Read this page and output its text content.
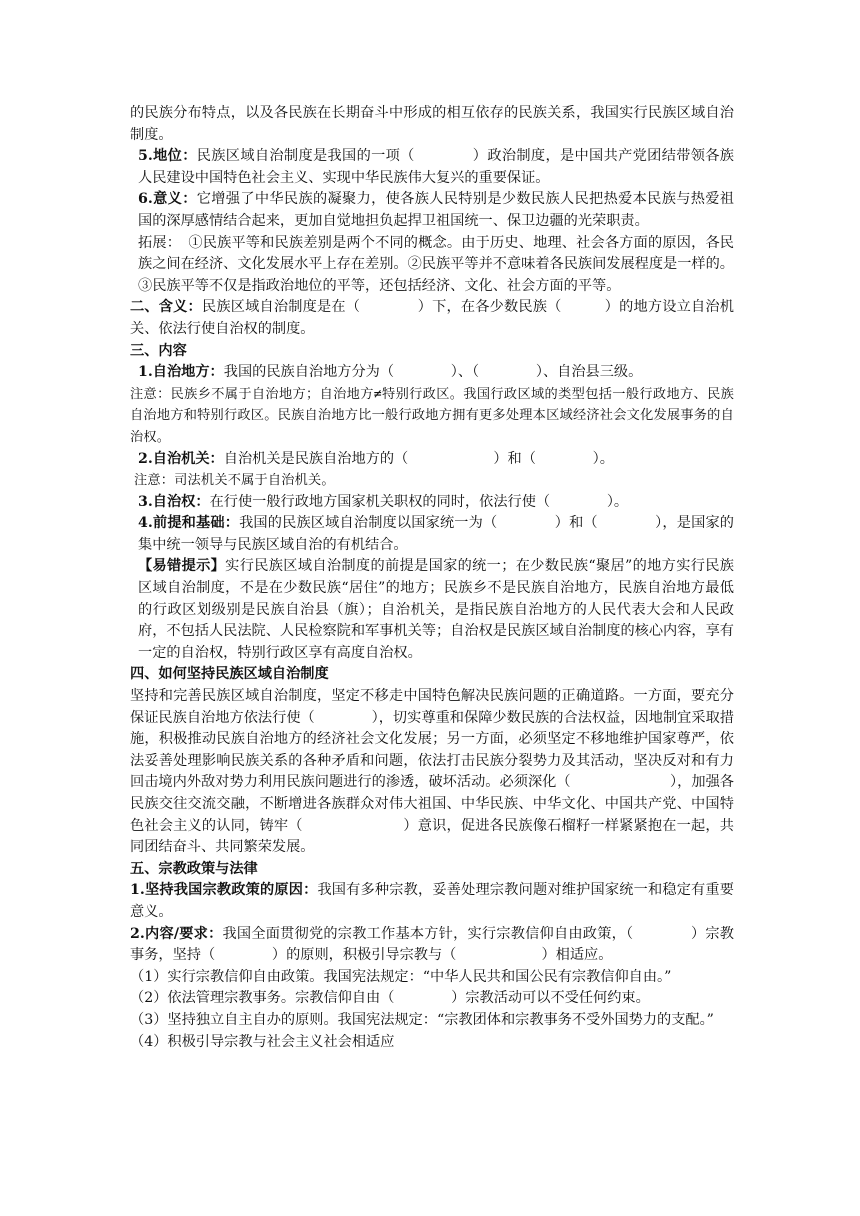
的民族分布特点，以及各民族在长期奋斗中形成的相互依存的民族关系，我国实行民族区域自治制度。

5.地位：民族区域自治制度是我国的一项（　　　　）政治制度，是中国共产党团结带领各族人民建设中国特色社会主义、实现中华民族伟大复兴的重要保证。

6.意义：它增强了中华民族的凝聚力，使各族人民特别是少数民族人民把热爱本民族与热爱祖国的深厚感情结合起来，更加自觉地担负起捍卫祖国统一、保卫边疆的光荣职责。

拓展：　①民族平等和民族差别是两个不同的概念。由于历史、地理、社会各方面的原因，各民族之间在经济、文化发展水平上存在差别。②民族平等并不意味着各民族间发展程度是一样的。③民族平等不仅是指政治地位的平等，还包括经济、文化、社会方面的平等。

二、含义：民族区域自治制度是在（　　　　）下，在各少数民族（　　　）的地方设立自治机关、依法行使自治权的制度。

三、内容

1.自治地方：我国的民族自治地方分为（　　　　）、（　　　　）、自治县三级。

注意：民族乡不属于自治地方；自治地方≠特别行政区。我国行政区域的类型包括一般行政地方、民族自治地方和特别行政区。民族自治地方比一般行政地方拥有更多处理本区域经济社会文化发展事务的自治权。

2.自治机关：自治机关是民族自治地方的（　　　　　　）和（　　　　）。

注意：司法机关不属于自治机关。

3.自治权：在行使一般行政地方国家机关职权的同时，依法行使（　　　　）。

4.前提和基础：我国的民族区域自治制度以国家统一为（　　　　）和（　　　　），是国家的集中统一领导与民族区域自治的有机结合。

【易错提示】实行民族区域自治制度的前提是国家的统一；在少数民族“聚居”的地方实行民族区域自治制度，不是在少数民族“居住”的地方；民族乡不是民族自治地方，民族自治地方最低的行政区划级别是民族自治县（旗）；自治机关，是指民族自治地方的人民代表大会和人民政府，不包括人民法院、人民检察院和军事机关等；自治权是民族区域自治制度的核心内容，享有一定的自治权，特别行政区享有高度自治权。

四、如何坚持民族区域自治制度

坚持和完善民族区域自治制度，坚定不移走中国特色解决民族问题的正确道路。一方面，要充分保证民族自治地方依法行使（　　　　），切实尊重和保障少数民族的合法权益，因地制宜采取措施，积极推动民族自治地方的经济社会文化发展；另一方面，必须坚定不移地维护国家尊严，依法妥善处理影响民族关系的各种矛盾和问题，依法打击民族分裂势力及其活动，坚决反对和有力回击境内外敌对势力利用民族问题进行的渗透，破坏活动。必须深化（　　　　　　　），加强各民族交往交流交融，不断增进各族群众对伟大祖国、中华民族、中华文化、中国共产党、中国特色社会主义的认同，铸牢（　　　　　　　）意识，促进各民族像石榴籽一样紧紧抱在一起，共同团结奋斗、共同繁荣发展。

五、宗教政策与法律

1.坚持我国宗教政策的原因：我国有多种宗教，妥善处理宗教问题对维护国家统一和稳定有重要意义。

2.内容/要求：我国全面贯彻党的宗教工作基本方针，实行宗教信仰自由政策，（　　　　）宗教事务，坚持（　　　　）的原则，积极引导宗教与（　　　　　　）相适应。

（1）实行宗教信仰自由政策。我国宪法规定：“中华人民共和国公民有宗教信仰自由。”

（2）依法管理宗教事务。宗教信仰自由（　　　　）宗教活动可以不受任何约束。

（3）坚持独立自主自办的原则。我国宪法规定：“宗教团体和宗教事务不受外国势力的支配。”

（4）积极引导宗教与社会主义社会相适应
